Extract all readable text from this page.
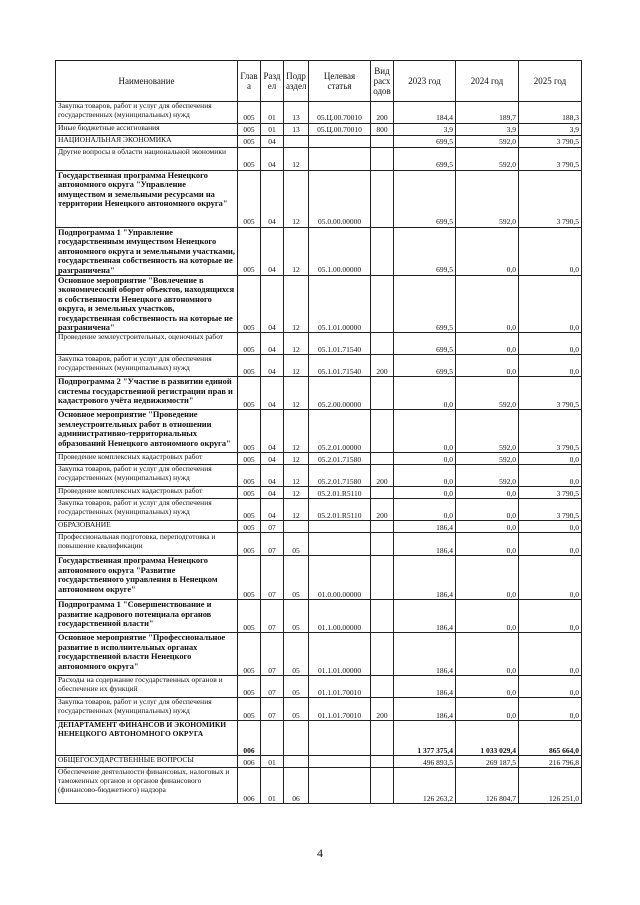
Наименование	Глав а	Разд ел	Подр аздел	Целевая статья	Вид расх одов	2023 год	2024 год	2025 год
Закупка товаров, работ и услуг для обеспечения государственных (муниципальных) нужд	005	01	13	05.Ц.00.70010	200	184,4	189,7	188,3
Иные бюджетные ассигнования	005	01	13	05.Ц.00.70010	800	3,9	3,9	3,9
НАЦИОНАЛЬНАЯ ЭКОНОМИКА	005	04				699,5	592,0	3 790,5
Другие вопросы в области национальной экономики	005	04	12			699,5	592,0	3 790,5
Государственная программа Ненецкого автономного округа "Управление имуществом и земельными ресурсами на территории Ненецкого автономного округа"	005	04	12	05.0.00.00000		699,5	592,0	3 790,5
Подпрограмма 1 "Управление государственным имуществом Ненецкого автономного округа и земельными участками, государственная собственность на которые не разграничена"	005	04	12	05.1.00.00000		699,5	0,0	0,0
Основное мероприятие "Вовлечение в экономический оборот объектов, находящихся в собственности Ненецкого автономного округа, и земельных участков, государственная собственность на которые не разграничена"	005	04	12	05.1.01.00000		699,5	0,0	0,0
Проведение землеустроительных, оценочных работ	005	04	12	05.1.01.71540		699,5	0,0	0,0
Закупка товаров, работ и услуг для обеспечения государственных (муниципальных) нужд	005	04	12	05.1.01.71540	200	699,5	0,0	0,0
Подпрограмма 2 "Участие в развитии единой системы государственной регистрации прав и кадастрового учёта недвижимости"	005	04	12	05.2.00.00000		0,0	592,0	3 790,5
Основное мероприятие "Проведение землеустроительных работ в отношении административно-территориальных образований Ненецкого автономного округа"	005	04	12	05.2.01.00000		0,0	592,0	3 790,5
Проведение комплексных кадастровых работ	005	04	12	05.2.01.71580		0,0	592,0	0,0
Закупка товаров, работ и услуг для обеспечения государственных (муниципальных) нужд	005	04	12	05.2.01.71580	200	0,0	592,0	0,0
Проведение комплексных кадастровых работ	005	04	12	05.2.01.R5110		0,0	0,0	3 790,5
Закупка товаров, работ и услуг для обеспечения государственных (муниципальных) нужд	005	04	12	05.2.01.R5110	200	0,0	0,0	3 790,5
ОБРАЗОВАНИЕ	005	07				186,4	0,0	0,0
Профессиональная подготовка, переподготовка и повышение квалификации	005	07	05			186,4	0,0	0,0
Государственная программа Ненецкого автономного округа "Развитие государственного управления в Ненецком автономном округе"	005	07	05	01.0.00.00000		186,4	0,0	0,0
Подпрограмма 1 "Совершенствование и развитие кадрового потенциала органов государственной власти"	005	07	05	01.1.00.00000		186,4	0,0	0,0
Основное мероприятие "Профессиональное развитие в исполнительных органах государственной власти Ненецкого автономного округа"	005	07	05	01.1.01.00000		186,4	0,0	0,0
Расходы на содержание государственных органов и обеспечение их функций	005	07	05	01.1.01.70010		186,4	0,0	0,0
Закупка товаров, работ и услуг для обеспечения государственных (муниципальных) нужд	005	07	05	01.1.01.70010	200	186,4	0,0	0,0
ДЕПАРТАМЕНТ ФИНАНСОВ И ЭКОНОМИКИ НЕНЕЦКОГО АВТОНОМНОГО ОКРУГА	006					1 377 375,4	1 033 029,4	865 664,0
ОБЩЕГОСУДАРСТВЕННЫЕ ВОПРОСЫ	006	01				496 893,5	269 187,5	216 796,8
Обеспечение деятельности финансовых, налоговых и таможенных органов и органов финансового (финансово-бюджетного) надзора	006	01	06			126 263,2	126 804,7	126 251,0
4
